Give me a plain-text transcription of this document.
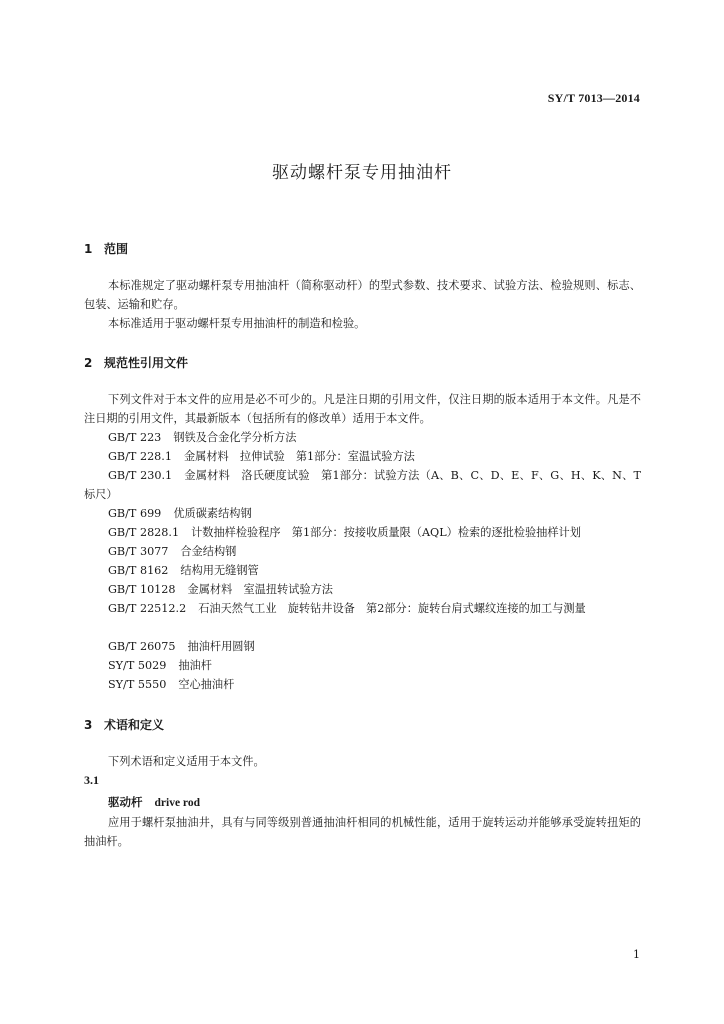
SY/T 7013—2014
驱动螺杆泵专用抽油杆
1 范围

本标准规定了驱动螺杆泵专用抽油杆（简称驱动杆）的型式参数、技术要求、试验方法、检验规则、标志、包装、运输和贮存。

本标准适用于驱动螺杆泵专用抽油杆的制造和检验。

2 规范性引用文件

下列文件对于本文件的应用是必不可少的。凡是注日期的引用文件，仅注日期的版本适用于本文件。凡是不注日期的引用文件，其最新版本（包括所有的修改单）适用于本文件。

GB/T 223 钢铁及合金化学分析方法
GB/T 228.1 金属材料　拉伸试验　第1部分：室温试验方法

GB/T 230.1 金属材料　洛氏硬度试验　第1部分：试验方法（A、B、C、D、E、F、G、H、K、N、T标尺）

GB/T 699 优质碳素结构钢
GB/T 2828.1 计数抽样检验程序　第1部分：按接收质量限（AQL）检索的逐批检验抽样计划
GB/T 3077 合金结构钢
GB/T 8162 结构用无缝钢管
GB/T 10128 金属材料　室温扭转试验方法

GB/T 22512.2 石油天然气工业　旋转钻井设备　第2部分：旋转台肩式螺纹连接的加工与测量

GB/T 26075 抽油杆用圆钢
SY/T 5029 抽油杆
SY/T 5550 空心抽油杆
3 术语和定义

下列术语和定义适用于本文件。

3.1
驱动杆 drive rod

应用于螺杆泵抽油井，具有与同等级别普通抽油杆相同的机械性能，适用于旋转运动并能够承受旋转扭矩的抽油杆。

1
